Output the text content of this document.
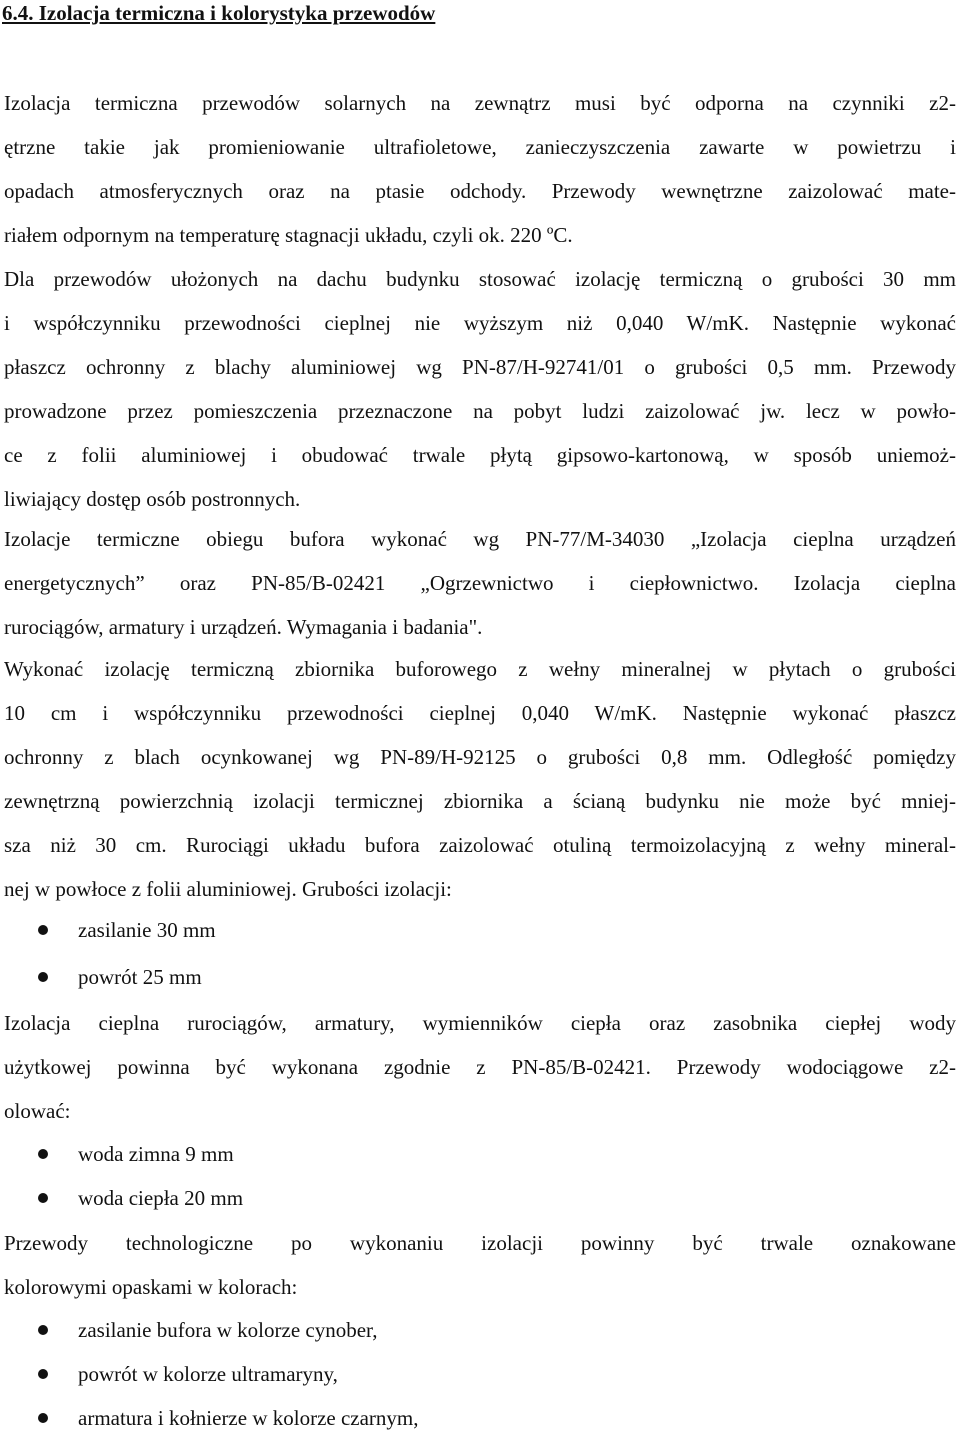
6.4. Izolacja termiczna i kolorystyka przewodów
Izolacja termiczna przewodów solarnych na zewnątrz musi być odporna na czynniki z2-
ętrzne takie jak promieniowanie ultrafioletowe, zanieczyszczenia zawarte w powietrzu i
opadach atmosferycznych oraz na ptasie odchody. Przewody wewnętrzne zaizolować mate-
riałem odpornym na temperaturę stagnacji układu, czyli ok. 220 ºC.
Dla przewodów ułożonych na dachu budynku stosować izolację termiczną o grubości 30 mm
i współczynniku przewodności cieplnej nie wyższym niż 0,040 W/mK. Następnie wykonać
płaszcz ochronny z blachy aluminiowej wg PN-87/H-92741/01 o grubości 0,5 mm. Przewody
prowadzone przez pomieszczenia przeznaczone na pobyt ludzi zaizolować jw. lecz w powło-
ce z folii aluminiowej i obudować trwale płytą gipsowo-kartonową, w sposób uniemoż-
liwiający dostęp osób postronnych.
Izolacje termiczne obiegu bufora wykonać wg PN-77/M-34030 „Izolacja cieplna urządzeń
energetycznych” oraz PN-85/B-02421 „Ogrzewnictwo i ciepłownictwo. Izolacja cieplna
rurociągów, armatury i urządzeń. Wymagania i badania".
Wykonać izolację termiczną zbiornika buforowego z wełny mineralnej w płytach o grubości
10 cm i współczynniku przewodności cieplnej 0,040 W/mK. Następnie wykonać płaszcz
ochronny z blach ocynkowanej wg PN-89/H-92125 o grubości 0,8 mm. Odległość pomiędzy
zewnętrzną powierzchnią izolacji termicznej zbiornika a ścianą budynku nie może być mniej-
sza niż 30 cm. Rurociągi układu bufora zaizolować otuliną termoizolacyjną z wełny mineral-
nej w powłoce z folii aluminiowej. Grubości izolacji:
zasilanie 30 mm
powrót 25 mm
Izolacja cieplna rurociągów, armatury, wymienników ciepła oraz zasobnika ciepłej wody
użytkowej powinna być wykonana zgodnie z PN-85/B-02421. Przewody wodociągowe z2-
olować:
woda zimna 9 mm
woda ciepła 20 mm
Przewody technologiczne po wykonaniu izolacji powinny być trwale oznakowane
kolorowymi opaskami w kolorach:
zasilanie bufora w kolorze cynober,
powrót w kolorze ultramaryny,
armatura i kołnierze w kolorze czarnym,
